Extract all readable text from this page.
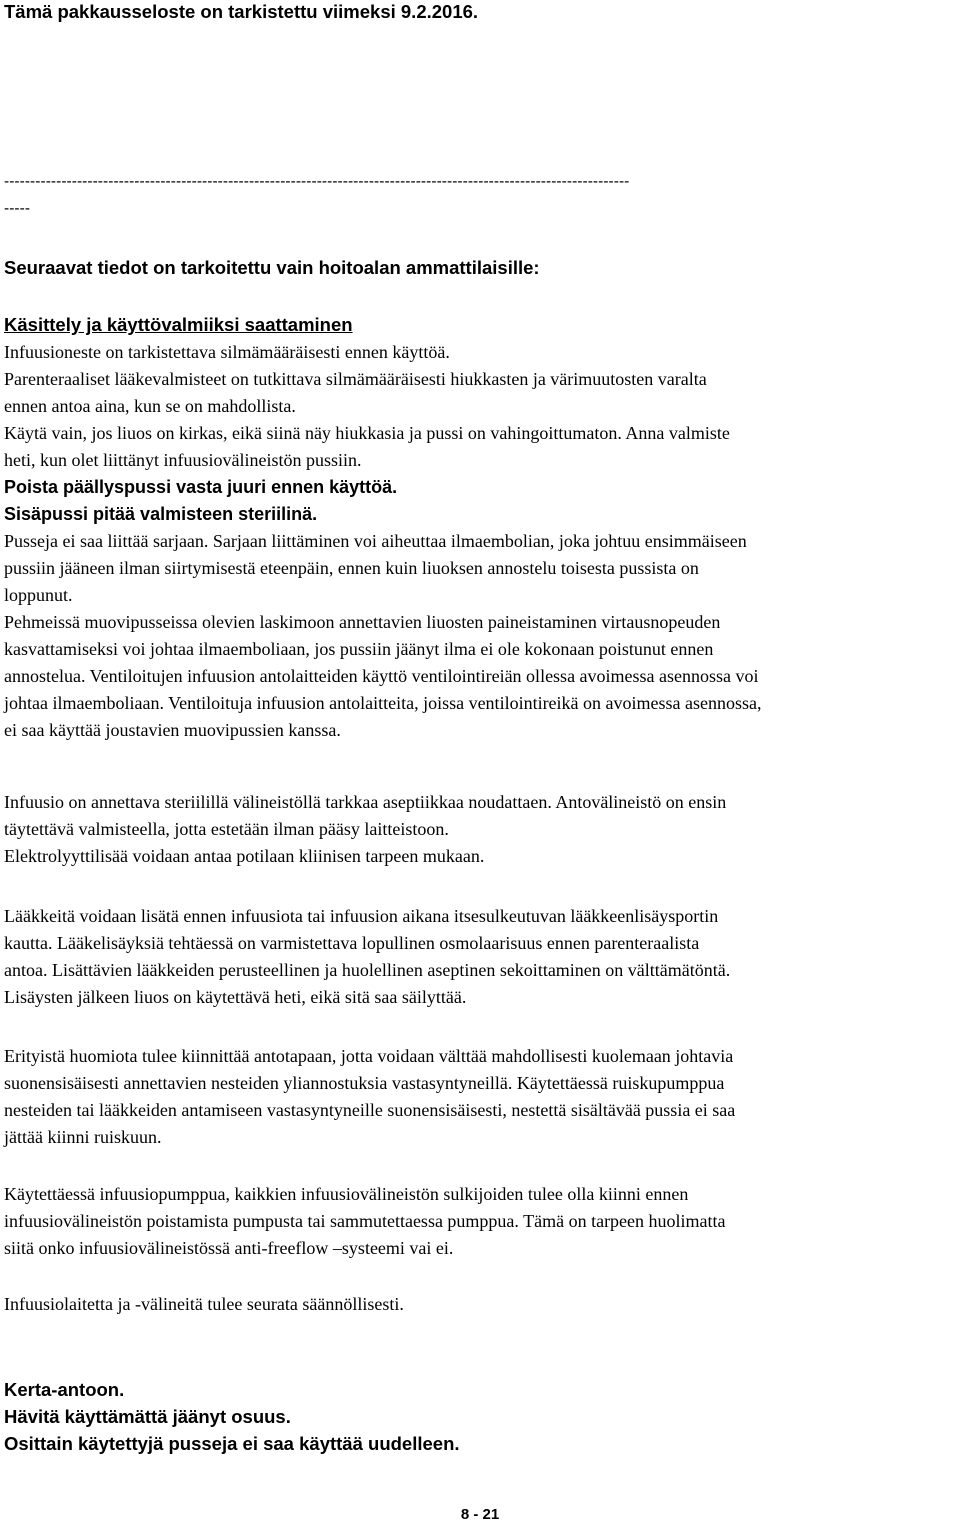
Tämä pakkausseloste on tarkistettu viimeksi 9.2.2016.
------------------------------------------------------------------------------------------------------------------------
-----
Seuraavat tiedot on tarkoitettu vain hoitoalan ammattilaisille:
Käsittely ja käyttövalmiiksi saattaminen

Infuusioneste on tarkistettava silmämääräisesti ennen käyttöä.

Parenteraaliset lääkevalmisteet on tutkittava silmämääräisesti hiukkasten ja värimuutosten varalta

ennen antoa aina, kun se on mahdollista.

Käytä vain, jos liuos on kirkas, eikä siinä näy hiukkasia ja pussi on vahingoittumaton. Anna valmiste

heti, kun olet liittänyt infuusiovälineistön pussiin.

Poista päällyspussi vasta juuri ennen käyttöä.

Sisäpussi pitää valmisteen steriilinä.

Pusseja ei saa liittää sarjaan. Sarjaan liittäminen voi aiheuttaa ilmaembolian, joka johtuu ensimmäiseen

pussiin jääneen ilman siirtymisestä eteenpäin, ennen kuin liuoksen annostelu toisesta pussista on

loppunut.

Pehmeissä muovipusseissa olevien laskimoon annettavien liuosten paineistaminen virtausnopeuden

kasvattamiseksi voi johtaa ilmaemboliaan, jos pussiin jäänyt ilma ei ole kokonaan poistunut ennen

annostelua. Ventiloitujen infuusion antolaitteiden käyttö ventilointireiän ollessa avoimessa asennossa voi

johtaa ilmaemboliaan. Ventiloituja infuusion antolaitteita, joissa ventilointireikä on avoimessa asennossa,

ei saa käyttää joustavien muovipussien kanssa.

Infuusio on annettava steriilillä välineistöllä tarkkaa aseptiikkaa noudattaen. Antovälineistö on ensin

täytettävä valmisteella, jotta estetään ilman pääsy laitteistoon.

Elektrolyyttilisää voidaan antaa potilaan kliinisen tarpeen mukaan.

Lääkkeitä voidaan lisätä ennen infuusiota tai infuusion aikana itsesulkeutuvan lääkkeenlisäysportin

kautta. Lääkelisäyksiä tehtäessä on varmistettava lopullinen osmolaarisuus ennen parenteraalista

antoa. Lisättävien lääkkeiden perusteellinen ja huolellinen aseptinen sekoittaminen on välttämätöntä.

Lisäysten jälkeen liuos on käytettävä heti, eikä sitä saa säilyttää.

Erityistä huomiota tulee kiinnittää antotapaan, jotta voidaan välttää mahdollisesti kuolemaan johtavia

suonensisäisesti annettavien nesteiden yliannostuksia vastasyntyneillä. Käytettäessä ruiskupumppua

nesteiden tai lääkkeiden antamiseen vastasyntyneille suonensisäisesti, nestettä sisältävää pussia ei saa

jättää kiinni ruiskuun.

Käytettäessä infuusiopumppua, kaikkien infuusiovälineistön sulkijoiden tulee olla kiinni ennen

infuusiovälineistön poistamista pumpusta tai sammutettaessa pumppua. Tämä on tarpeen huolimatta

siitä onko infuusiovälineistössä anti-freeflow –systeemi vai ei.

Infuusiolaitetta ja -välineitä tulee seurata säännöllisesti.

Kerta-antoon.

Hävitä käyttämättä jäänyt osuus.

Osittain käytettyjä pusseja ei saa käyttää uudelleen.

8 - 21
